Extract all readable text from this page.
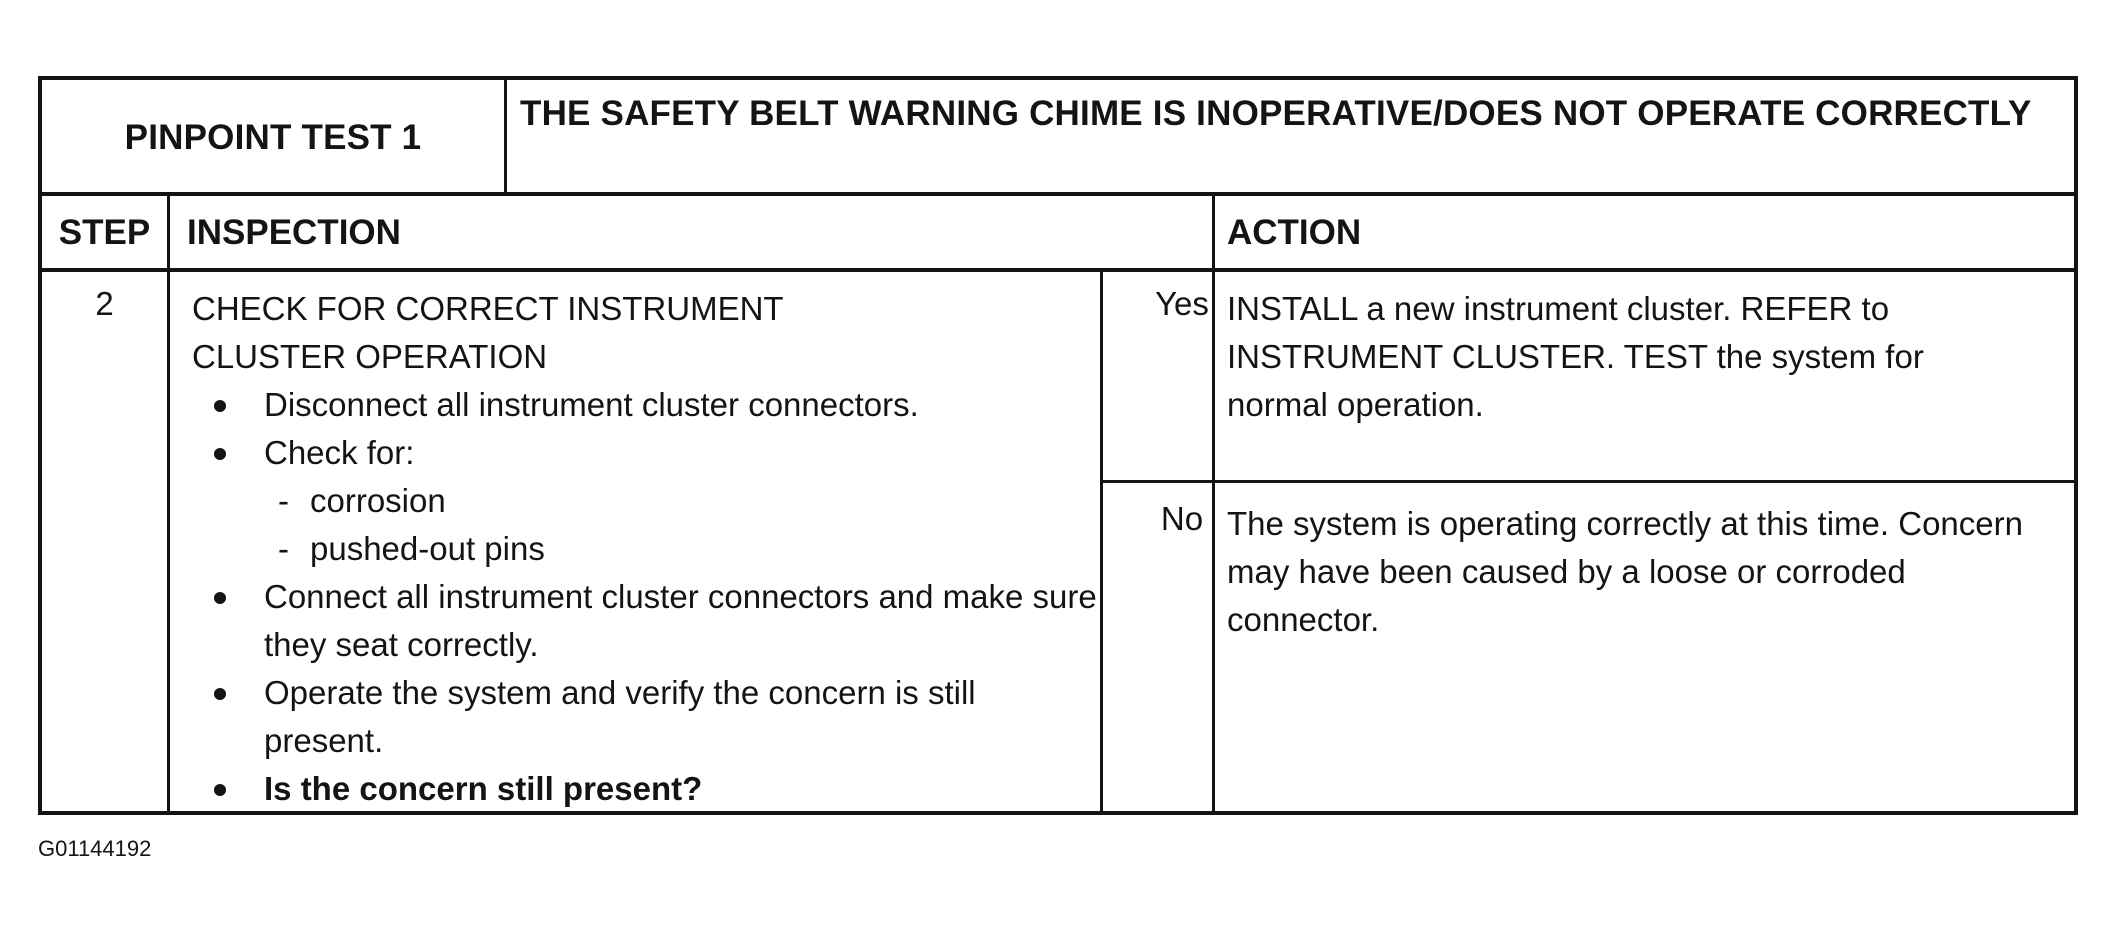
PINPOINT TEST 1
THE SAFETY BELT WARNING CHIME IS INOPERATIVE/DOES NOT OPERATE CORRECTLY
STEP	INSPECTION	ACTION
2	CHECK FOR CORRECT INSTRUMENT CLUSTER OPERATION

Disconnect all instrument cluster connectors.

Check for:

- corrosion

- pushed-out pins

Connect all instrument cluster connectors and make sure they seat correctly.

Operate the system and verify the concern is still present.

Is the concern still present?

Yes INSTALL a new instrument cluster. REFER to INSTRUMENT CLUSTER. TEST the system for normal operation.
No The system is operating correctly at this time. Concern may have been caused by a loose or corroded connector.
G01144192
